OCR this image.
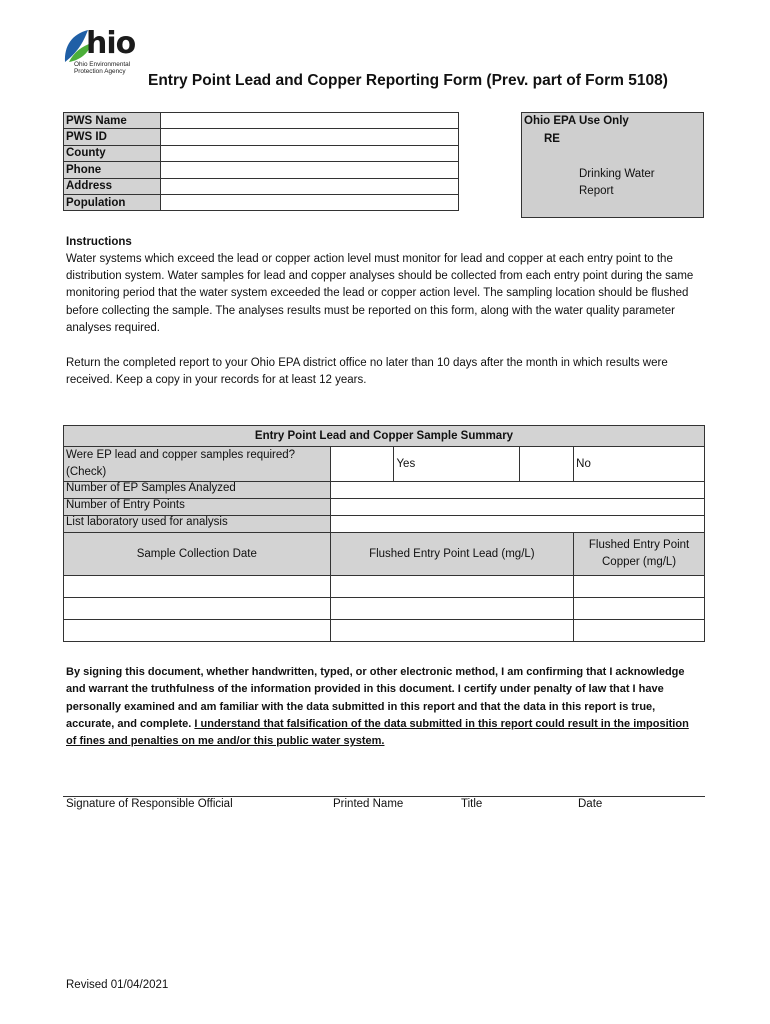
hio
Ohio Environmental
Protection Agency
Entry Point Lead and Copper Reporting Form (Prev. part of Form 5108)
PWS Name	
PWS ID	
County	
Phone	
Address	
Population	
Ohio EPA Use Only
RE
Drinking Water
Report
Instructions
Water systems which exceed the lead or copper action level must monitor for lead and copper at each entry point to the distribution system. Water samples for lead and copper analyses should be collected from each entry point during the same monitoring period that the water system exceeded the lead or copper action level. The sampling location should be flushed before collecting the sample. The analyses results must be reported on this form, along with the water quality parameter analyses required.
Return the completed report to your Ohio EPA district office no later than 10 days after the month in which results were received. Keep a copy in your records for at least 12 years.
Entry Point Lead and Copper Sample Summary				
Were EP lead and copper samples required? (Check)		Yes		No
Number of EP Samples Analyzed				
Number of Entry Points				
List laboratory used for analysis				
Sample Collection Date	Flushed Entry Point Lead (mg/L)			Flushed Entry Point Copper (mg/L)

By signing this document, whether handwritten, typed, or other electronic method, I am confirming that I acknowledge and warrant the truthfulness of the information provided in this document. I certify under penalty of law that I have personally examined and am familiar with the data submitted in this report and that the data in this report is true, accurate, and complete. I understand that falsification of the data submitted in this report could result in the imposition of fines and penalties on me and/or this public water system.
Signature of Responsible Official	Printed Name	Title	Date
Revised 01/04/2021
